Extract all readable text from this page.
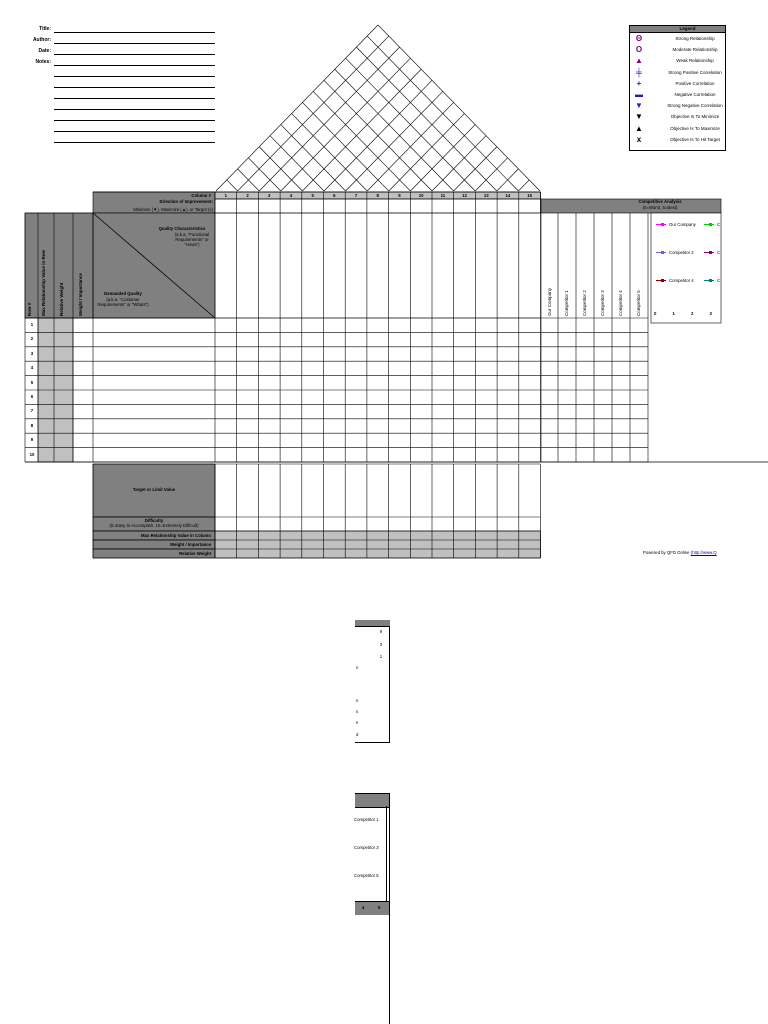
Title:
Author:
Date:
Notes:
Legend
Θ	Strong Relationship
Ο	Moderate Relationship
▲	Weak Relationship
╪	Strong Positive Correlation
+	Positive Correlation
▬	Negative Correlation
▼	Strong Negative Correlation
▼	Objective Is To Minimize
▲	Objective Is To Maximize
x	Objective Is To Hit Target
Column #
Direction of Improvement:
Minimize (▼), Maximize (▲), or Target (x)
1	2	3	4	5	6	7	8	9	10	11	12	13	14	15
Quality Characteristics
(a.k.a. "Functional Requirements" or "Hows")
Demanded Quality
(a.k.a. "Customer Requirements" or "Whats")
Row # Max Relationship Value in Row	Relative Weight	Weight / Importance
1
2
3
4
5
6
7
8
9
10
Target or Limit Value
Difficulty
(0=Easy to Accomplish, 10=Extremely Difficult)
Max Relationship Value in Column
Weight / Importance
Relative Weight
Competitive Analysis
(0=Worst, 5=Best)
Our Company	Competitor 1	Competitor 2	Competitor 3	Competitor 4	Competitor 5
Our Company	C
Competitor 2	C
Competitor 4	C
0	1	2	3
Powered by QFD Online (http://www.Q
9
3
1
n
n
s
e
d
Competitor 1
Competitor 3
Competitor 5
4	5
